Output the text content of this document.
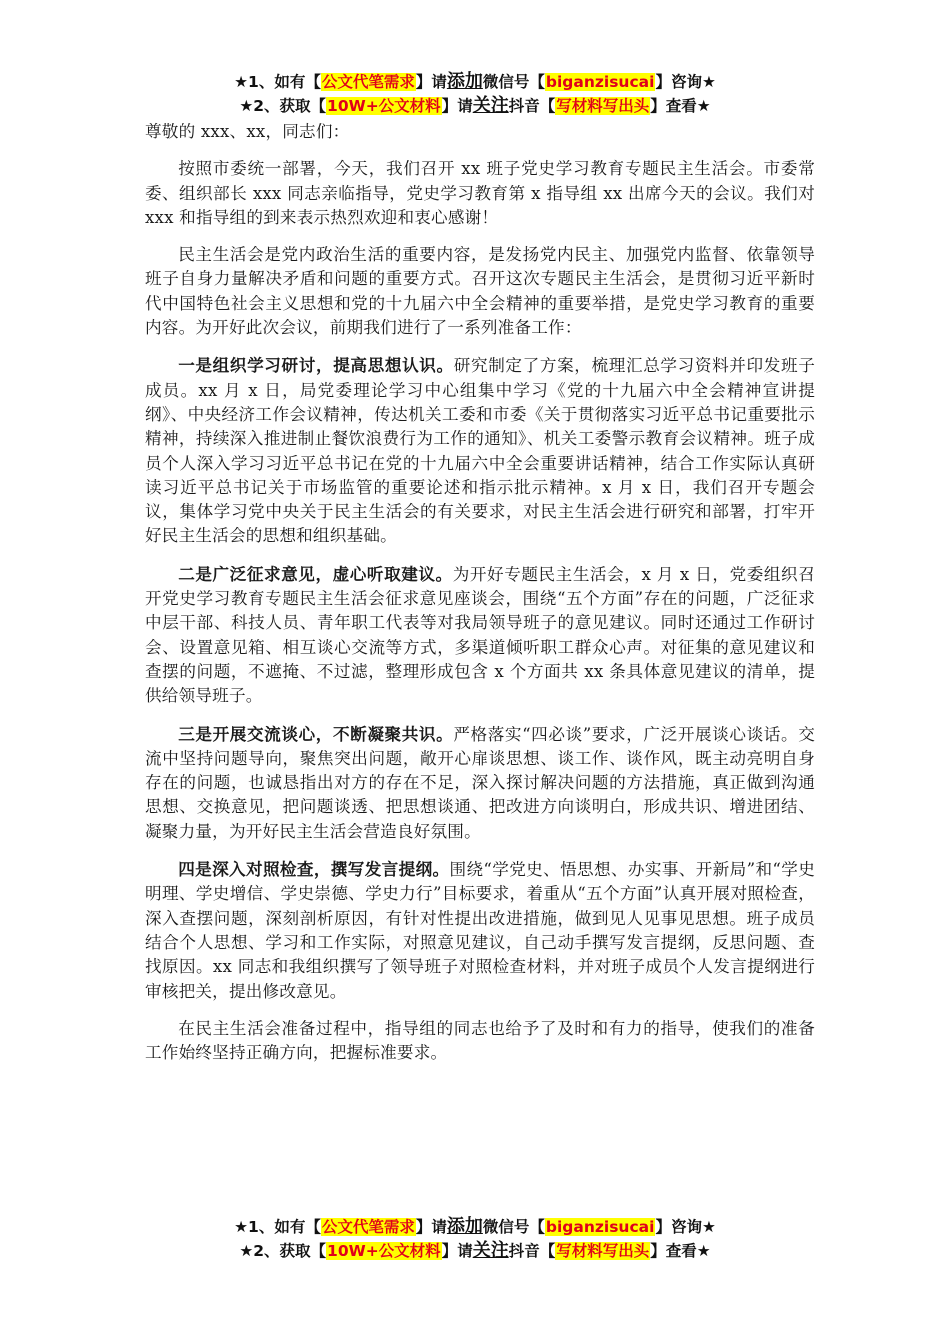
★1、如有【公文代笔需求】请添加微信号【biganzisucai】咨询★
★2、获取【10W+公文材料】请关注抖音【写材料写出头】查看★

尊敬的 xxx、xx，同志们：

按照市委统一部署，今天，我们召开 xx 班子党史学习教育专题民主生活会。市委常委、组织部长 xxx 同志亲临指导，党史学习教育第 x 指导组 xx 出席今天的会议。我们对 xxx 和指导组的到来表示热烈欢迎和衷心感谢！

民主生活会是党内政治生活的重要内容，是发扬党内民主、加强党内监督、依靠领导班子自身力量解决矛盾和问题的重要方式。召开这次专题民主生活会，是贯彻习近平新时代中国特色社会主义思想和党的十九届六中全会精神的重要举措，是党史学习教育的重要内容。为开好此次会议，前期我们进行了一系列准备工作：

一是组织学习研讨，提高思想认识。研究制定了方案，梳理汇总学习资料并印发班子成员。xx 月 x 日，局党委理论学习中心组集中学习《党的十九届六中全会精神宣讲提纲》、中央经济工作会议精神，传达机关工委和市委《关于贯彻落实习近平总书记重要批示精神，持续深入推进制止餐饮浪费行为工作的通知》、机关工委警示教育会议精神。班子成员个人深入学习习近平总书记在党的十九届六中全会重要讲话精神，结合工作实际认真研读习近平总书记关于市场监管的重要论述和指示批示精神。x 月 x 日，我们召开专题会议，集体学习党中央关于民主生活会的有关要求，对民主生活会进行研究和部署，打牢开好民主生活会的思想和组织基础。

二是广泛征求意见，虚心听取建议。为开好专题民主生活会，x 月 x 日，党委组织召开党史学习教育专题民主生活会征求意见座谈会，围绕“五个方面”存在的问题，广泛征求中层干部、科技人员、青年职工代表等对我局领导班子的意见建议。同时还通过工作研讨会、设置意见箱、相互谈心交流等方式，多渠道倾听职工群众心声。对征集的意见建议和查摆的问题，不遮掩、不过滤，整理形成包含 x 个方面共 xx 条具体意见建议的清单，提供给领导班子。

三是开展交流谈心，不断凝聚共识。严格落实“四必谈”要求，广泛开展谈心谈话。交流中坚持问题导向，聚焦突出问题，敞开心扉谈思想、谈工作、谈作风，既主动亮明自身存在的问题，也诚恳指出对方的存在不足，深入探讨解决问题的方法措施，真正做到沟通思想、交换意见，把问题谈透、把思想谈通、把改进方向谈明白，形成共识、增进团结、凝聚力量，为开好民主生活会营造良好氛围。

四是深入对照检查，撰写发言提纲。围绕“学党史、悟思想、办实事、开新局”和“学史明理、学史增信、学史崇德、学史力行”目标要求，着重从“五个方面”认真开展对照检查，深入查摆问题，深刻剖析原因，有针对性提出改进措施，做到见人见事见思想。班子成员结合个人思想、学习和工作实际，对照意见建议，自己动手撰写发言提纲，反思问题、查找原因。xx 同志和我组织撰写了领导班子对照检查材料，并对班子成员个人发言提纲进行审核把关，提出修改意见。

在民主生活会准备过程中，指导组的同志也给予了及时和有力的指导，使我们的准备工作始终坚持正确方向，把握标准要求。

★1、如有【公文代笔需求】请添加微信号【biganzisucai】咨询★
★2、获取【10W+公文材料】请关注抖音【写材料写出头】查看★
